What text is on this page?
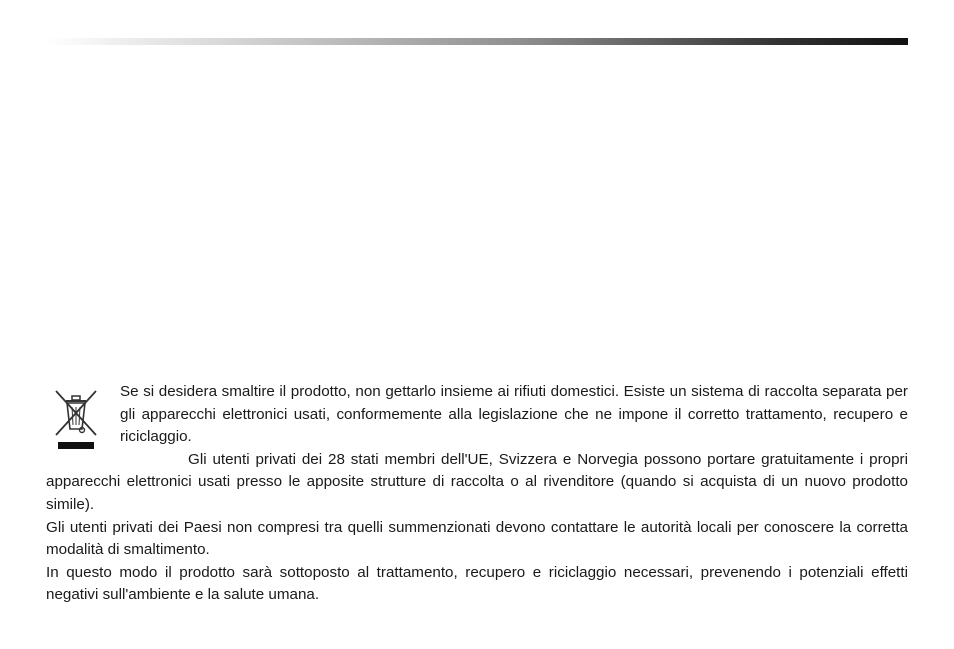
Se si desidera smaltire il prodotto, non gettarlo insieme ai rifiuti domestici. Esiste un sistema di raccolta separata per gli apparecchi elettronici usati, conformemente alla legislazione che ne impone il corretto trattamento, recupero e riciclaggio.

Gli utenti privati dei 28 stati membri dell'UE, Svizzera e Norvegia possono portare gratuitamente i propri apparecchi elettronici usati presso le apposite strutture di raccolta o al rivenditore (quando si acquista di un nuovo prodotto simile).

Gli utenti privati dei Paesi non compresi tra quelli summenzionati devono contattare le autorità locali per conoscere la corretta modalità di smaltimento.

In questo modo il prodotto sarà sottoposto al trattamento, recupero e riciclaggio necessari, prevenendo i potenziali effetti negativi sull'ambiente e la salute umana.
